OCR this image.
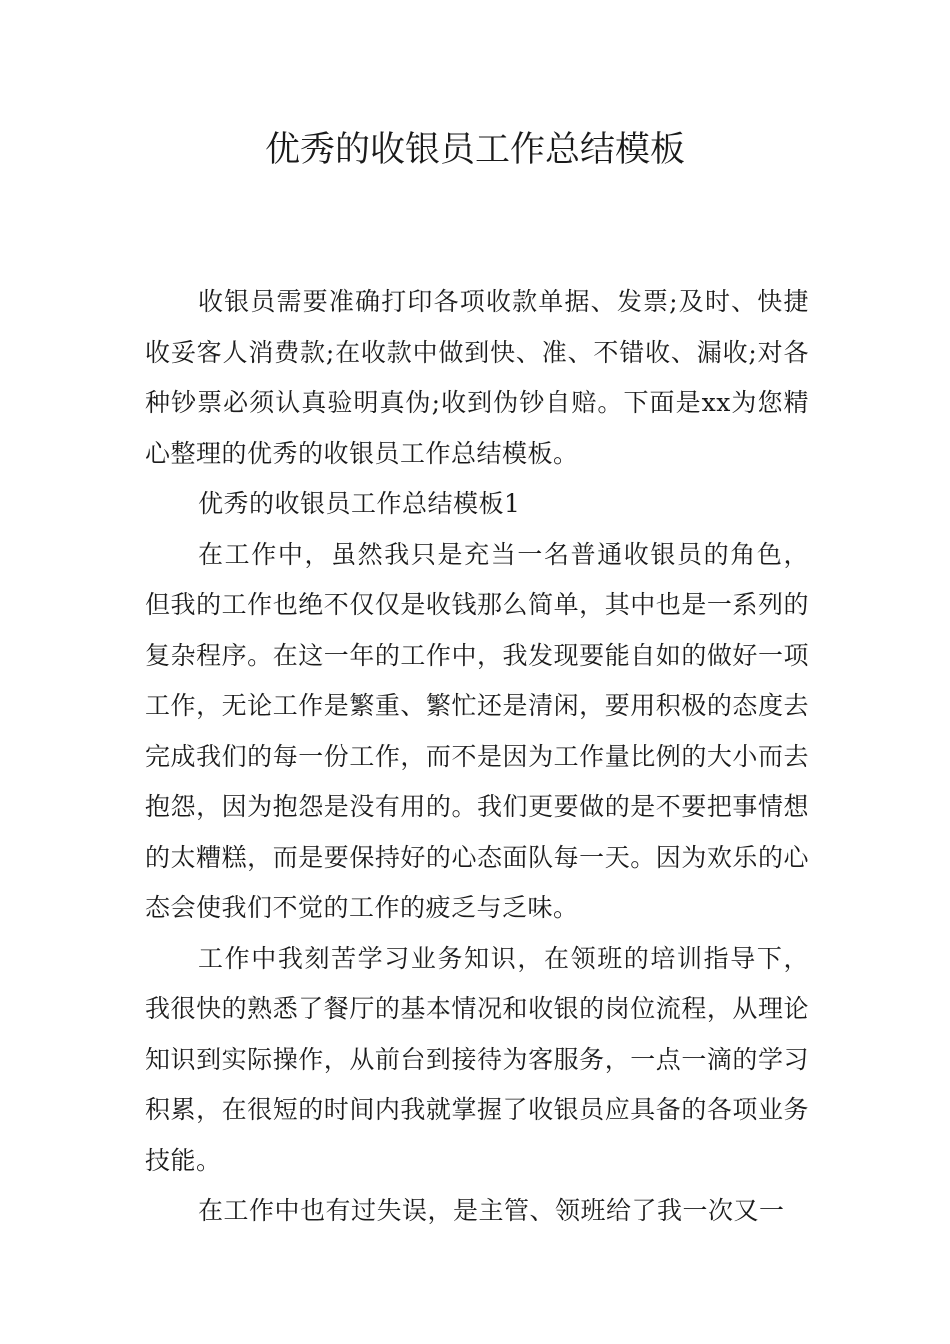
优秀的收银员工作总结模板

收银员需要准确打印各项收款单据、发票;及时、快捷收妥客人消费款;在收款中做到快、准、不错收、漏收;对各种钞票必须认真验明真伪;收到伪钞自赔。下面是xx为您精心整理的优秀的收银员工作总结模板。

优秀的收银员工作总结模板1

在工作中，虽然我只是充当一名普通收银员的角色，但我的工作也绝不仅仅是收钱那么简单，其中也是一系列的复杂程序。在这一年的工作中，我发现要能自如的做好一项工作，无论工作是繁重、繁忙还是清闲，要用积极的态度去完成我们的每一份工作，而不是因为工作量比例的大小而去抱怨，因为抱怨是没有用的。我们更要做的是不要把事情想的太糟糕，而是要保持好的心态面队每一天。因为欢乐的心态会使我们不觉的工作的疲乏与乏味。

工作中我刻苦学习业务知识，在领班的培训指导下，我很快的熟悉了餐厅的基本情况和收银的岗位流程，从理论知识到实际操作，从前台到接待为客服务，一点一滴的学习积累，在很短的时间内我就掌握了收银员应具备的各项业务技能。

在工作中也有过失误，是主管、领班给了我一次又一
